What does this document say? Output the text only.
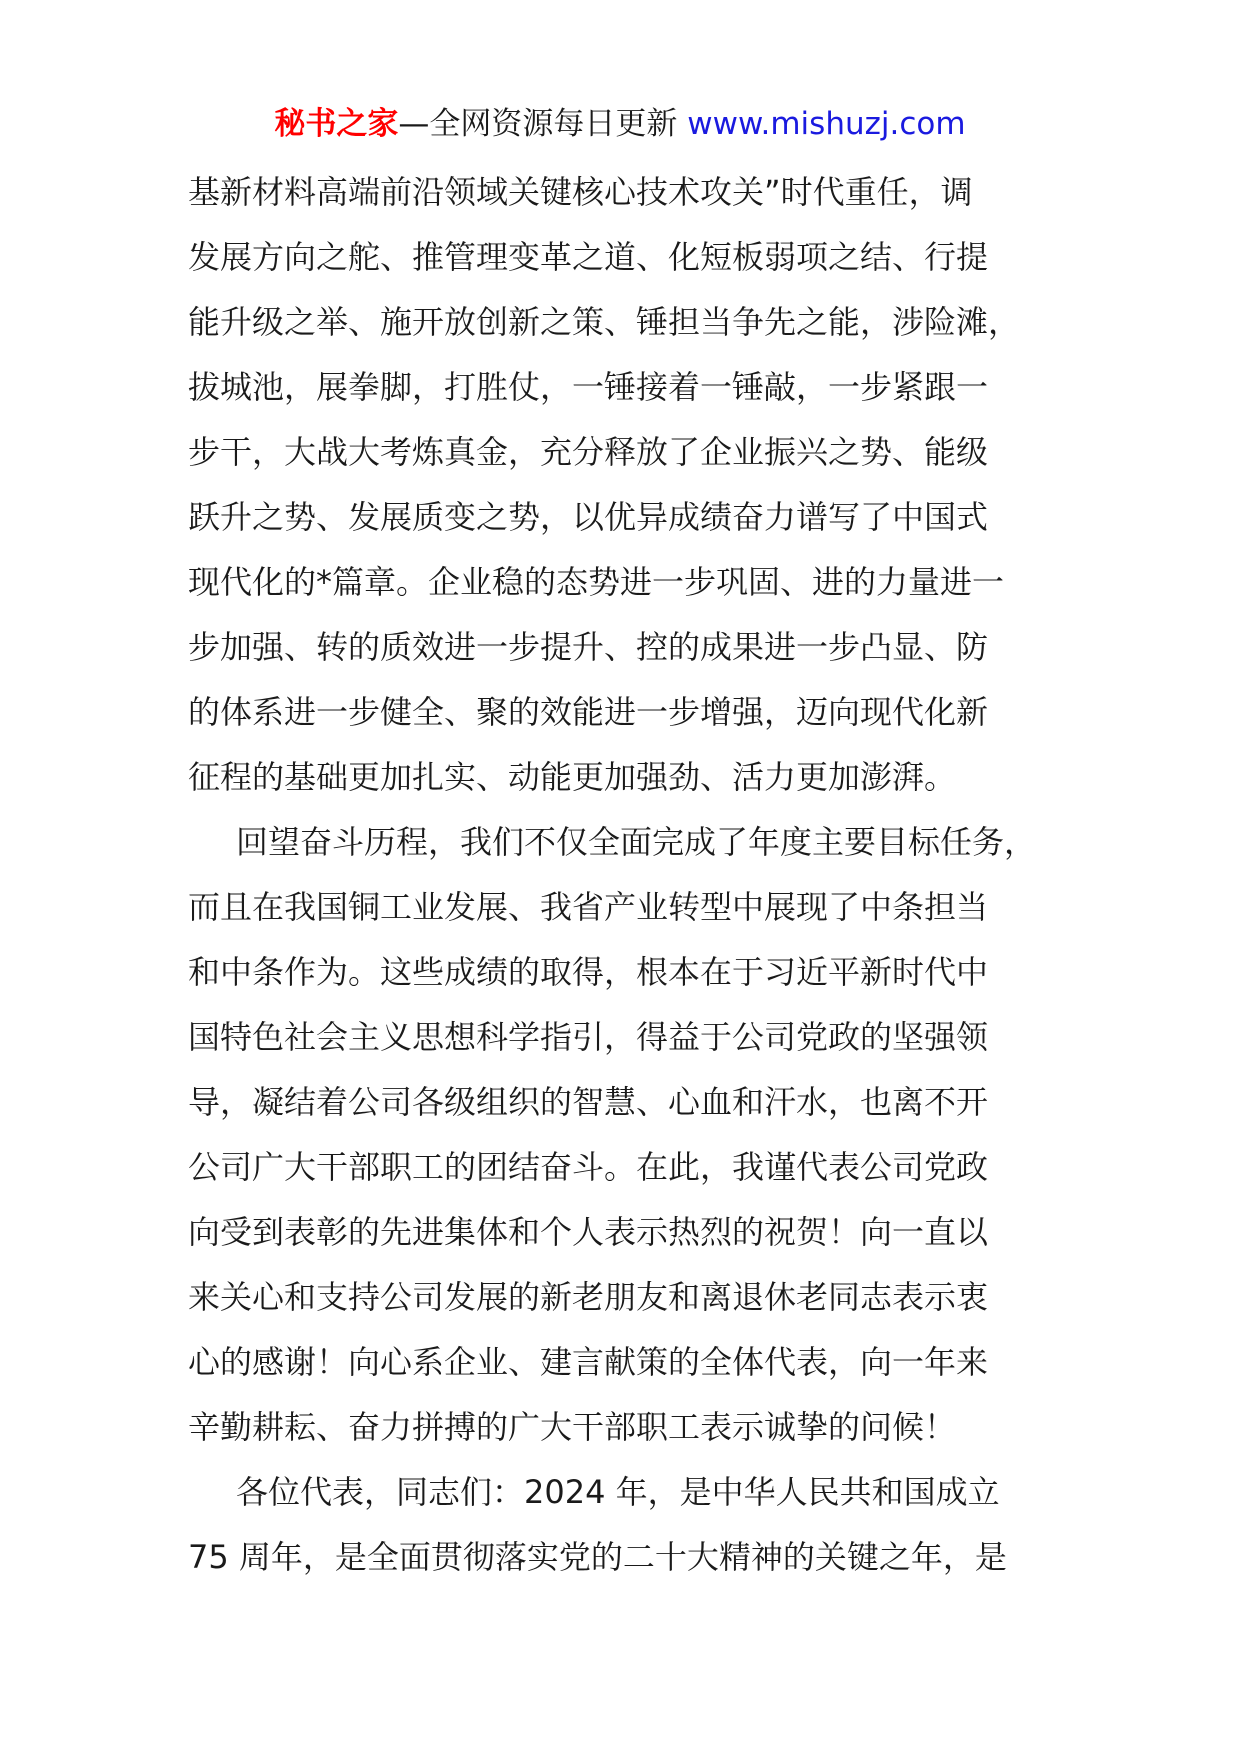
秘书之家—全网资源每日更新 www.mishuzj.com
基新材料高端前沿领域关键核心技术攻关”时代重任，调
发展方向之舵、推管理变革之道、化短板弱项之结、行提
能升级之举、施开放创新之策、锤担当争先之能，涉险滩，
拔城池，展拳脚，打胜仗，一锤接着一锤敲，一步紧跟一
步干，大战大考炼真金，充分释放了企业振兴之势、能级
跃升之势、发展质变之势，以优异成绩奋力谱写了中国式
现代化的*篇章。企业稳的态势进一步巩固、进的力量进一
步加强、转的质效进一步提升、控的成果进一步凸显、防
的体系进一步健全、聚的效能进一步增强，迈向现代化新
征程的基础更加扎实、动能更加强劲、活力更加澎湃。
回望奋斗历程，我们不仅全面完成了年度主要目标任务，
而且在我国铜工业发展、我省产业转型中展现了中条担当
和中条作为。这些成绩的取得，根本在于习近平新时代中
国特色社会主义思想科学指引，得益于公司党政的坚强领
导，凝结着公司各级组织的智慧、心血和汗水，也离不开
公司广大干部职工的团结奋斗。在此，我谨代表公司党政
向受到表彰的先进集体和个人表示热烈的祝贺！向一直以
来关心和支持公司发展的新老朋友和离退休老同志表示衷
心的感谢！向心系企业、建言献策的全体代表，向一年来
辛勤耕耘、奋力拼搏的广大干部职工表示诚挚的问候！
各位代表，同志们：2024 年，是中华人民共和国成立
75 周年，是全面贯彻落实党的二十大精神的关键之年，是
